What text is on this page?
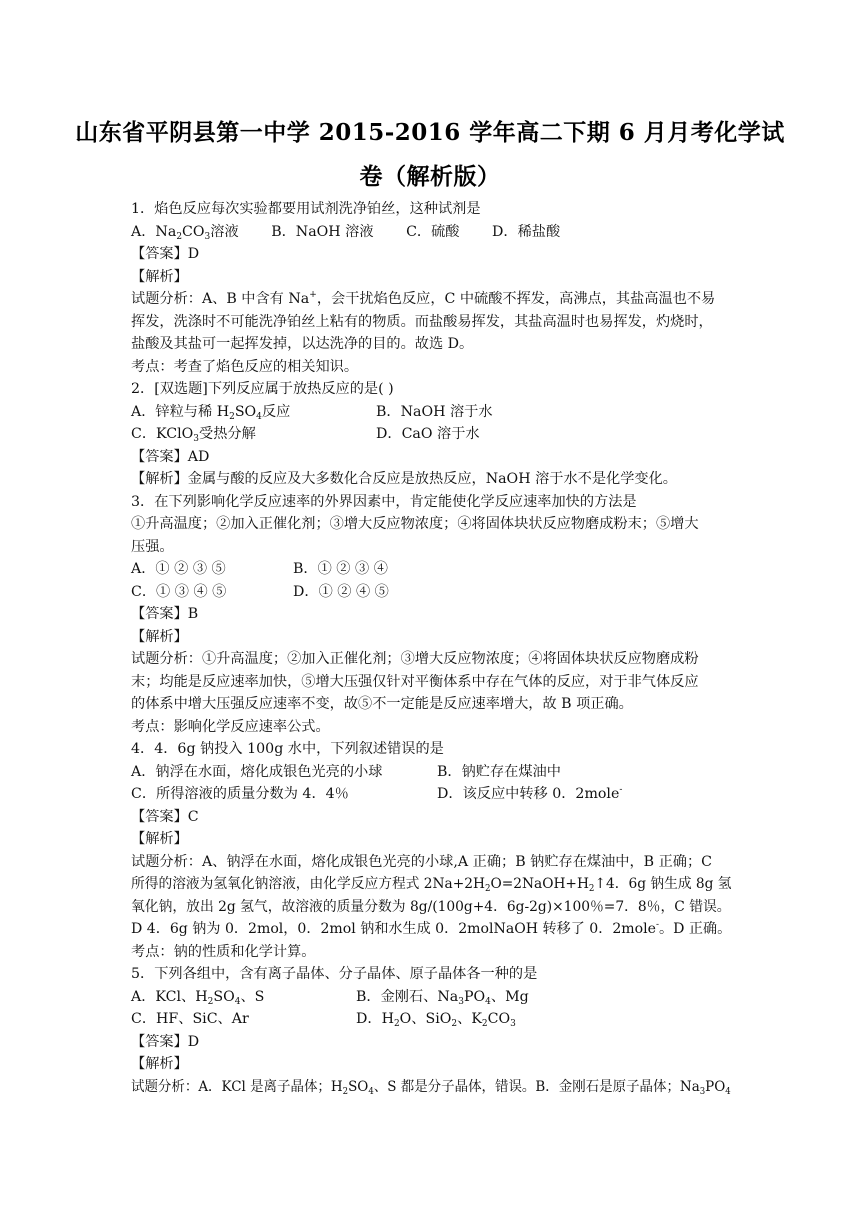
山东省平阴县第一中学 2015-2016 学年高二下期 6 月月考化学试
卷（解析版）
1．焰色反应每次实验都要用试剂洗净铂丝，这种试剂是
A．$Na_2CO_3$溶液 B．NaOH 溶液 C．硫酸 D．稀盐酸
【答案】D
【解析】
试题分析：A、B 中含有 Na+，会干扰焰色反应，C 中硫酸不挥发，高沸点，其盐高温也不易
挥发，洗涤时不可能洗净铂丝上粘有的物质。而盐酸易挥发，其盐高温时也易挥发，灼烧时，
盐酸及其盐可一起挥发掉，以达洗净的目的。故选 D。
考点：考查了焰色反应的相关知识。
2．[双选题]下列反应属于放热反应的是( )
A．锌粒与稀 $H_2SO_4$反应	B．NaOH 溶于水
C．KClO$_3$受热分解	D．CaO 溶于水
【答案】AD
【解析】金属与酸的反应及大多数化合反应是放热反应，NaOH 溶于水不是化学变化。
3．在下列影响化学反应速率的外界因素中，肯定能使化学反应速率加快的方法是
①升高温度；②加入正催化剂；③增大反应物浓度；④将固体块状反应物磨成粉末；⑤增大
压强。
A．① ② ③ ⑤	B．① ② ③ ④
C．① ③ ④ ⑤	D．① ② ④ ⑤
【答案】B
【解析】
试题分析：①升高温度；②加入正催化剂；③增大反应物浓度；④将固体块状反应物磨成粉
末；均能是反应速率加快，⑤增大压强仅针对平衡体系中存在气体的反应，对于非气体反应
的体系中增大压强反应速率不变，故⑤不一定能是反应速率增大，故 B 项正确。
考点：影响化学反应速率公式。
4．4．6g 钠投入 100g 水中，下列叙述错误的是
A．钠浮在水面，熔化成银色光亮的小球	B．钠贮存在煤油中
C．所得溶液的质量分数为 4．4％	D．该反应中转移 0．2mole-
【答案】C
【解析】
试题分析：A、钠浮在水面，熔化成银色光亮的小球,A 正确；B 钠贮存在煤油中，B 正确；C
所得的溶液为氢氧化钠溶液，由化学反应方程式 $2Na+2H_2O=2NaOH+H_2↑4$．6g 钠生成 8g 氢
氧化钠，放出 2g 氢气，故溶液的质量分数为 8g/(100g+4．6g-2g)×100％=7．8％，C 错误。
D 4．6g 钠为 0．2mol，0．2mol 钠和水生成 0．2molNaOH 转移了 0．2mole-。D 正确。
考点：钠的性质和化学计算。
5．下列各组中，含有离子晶体、分子晶体、原子晶体各一种的是
A．KCl、$H_2SO_4$、S	B．金刚石、$Na_3PO_4$、Mg
C．HF、SiC、Ar	D．$H_2O$、SiO$_2$、$K_2CO_3$
【答案】D
【解析】
试题分析：A．KCl 是离子晶体；$H_2SO_4$、S 都是分子晶体，错误。B．金刚石是原子晶体；$Na_3PO_4$
